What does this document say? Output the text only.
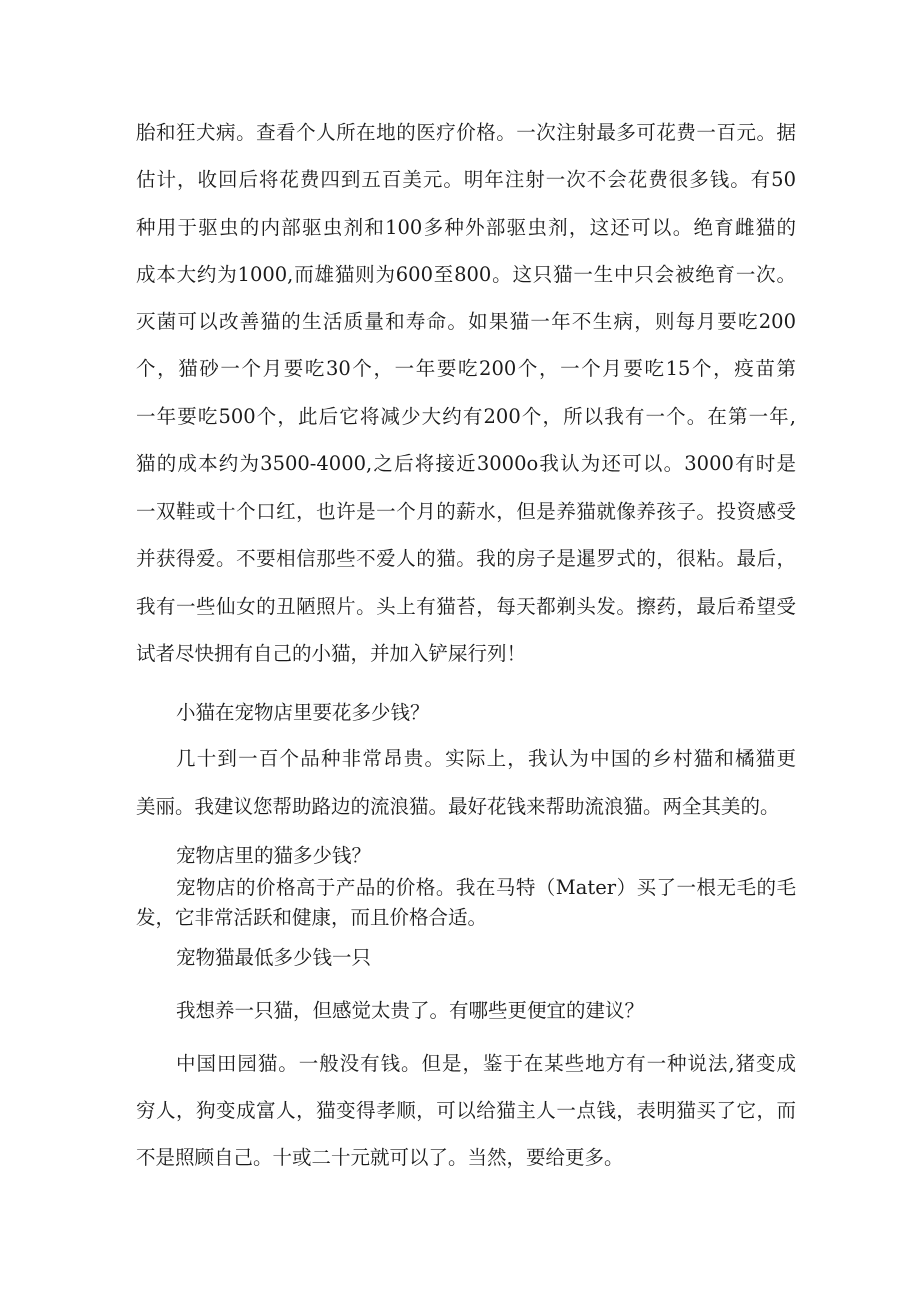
胎和狂犬病。查看个人所在地的医疗价格。一次注射最多可花费一百元。据
估计，收回后将花费四到五百美元。明年注射一次不会花费很多钱。有50
种用于驱虫的内部驱虫剂和100多种外部驱虫剂，这还可以。绝育雌猫的
成本大约为1000,而雄猫则为600至800。这只猫一生中只会被绝育一次。
灭菌可以改善猫的生活质量和寿命。如果猫一年不生病，则每月要吃200
个，猫砂一个月要吃30个，一年要吃200个，一个月要吃15个，疫苗第
一年要吃500个，此后它将减少大约有200个，所以我有一个。在第一年,
猫的成本约为3500-4000,之后将接近3000o我认为还可以。3000有时是
一双鞋或十个口红，也许是一个月的薪水，但是养猫就像养孩子。投资感受
并获得爱。不要相信那些不爱人的猫。我的房子是暹罗式的，很粘。最后，
我有一些仙女的丑陋照片。头上有猫苔，每天都剃头发。擦药，最后希望受
试者尽快拥有自己的小猫，并加入铲屎行列！
小猫在宠物店里要花多少钱？
几十到一百个品种非常昂贵。实际上，我认为中国的乡村猫和橘猫更
美丽。我建议您帮助路边的流浪猫。最好花钱来帮助流浪猫。两全其美的。
宠物店里的猫多少钱？
宠物店的价格高于产品的价格。我在马特（Mater）买了一根无毛的毛
发，它非常活跃和健康，而且价格合适。
宠物猫最低多少钱一只
我想养一只猫，但感觉太贵了。有哪些更便宜的建议？
中国田园猫。一般没有钱。但是，鉴于在某些地方有一种说法,猪变成
穷人，狗变成富人，猫变得孝顺，可以给猫主人一点钱，表明猫买了它，而
不是照顾自己。十或二十元就可以了。当然，要给更多。
